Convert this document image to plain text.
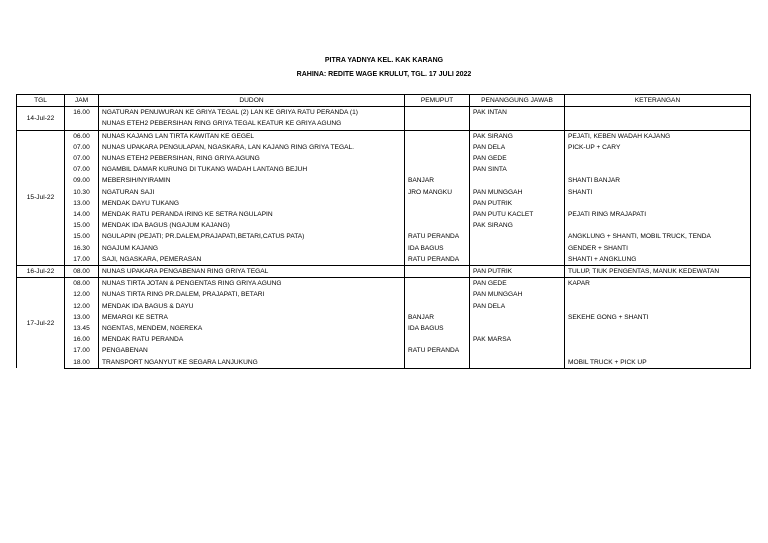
PITRA YADNYA KEL. KAK KARANG
RAHINA: REDITE WAGE KRULUT, TGL. 17 JULI 2022
TGL	JAM	DUDON	PEMUPUT	PENANGGUNG JAWAB	KETERANGAN
14-Jul-22	16.00	NGATURAN PENUWURAN KE GRIYA TEGAL (2) LAN KE GRIYA RATU PERANDA (1)		PAK INTAN	
		NUNAS ETEH2 PEBERSIHAN RING GRIYA TEGAL KEATUR KE GRIYA AGUNG			
15-Jul-22	06.00	NUNAS KAJANG LAN TIRTA KAWITAN KE GEGEL		PAK SIRANG	PEJATI, KEBEN WADAH KAJANG
	07.00	NUNAS UPAKARA PENGULAPAN, NGASKARA, LAN KAJANG RING GRIYA TEGAL.		PAN DELA	PICK-UP + CARY
	07.00	NUNAS ETEH2 PEBERSIHAN, RING GRIYA AGUNG		PAN GEDE	
	07.00	NGAMBIL DAMAR KURUNG DI TUKANG WADAH LANTANG BEJUH		PAN SINTA	
	09.00	MEBERSIH/NYIRAMIN	BANJAR		SHANTI BANJAR
	10.30	NGATURAN SAJI	JRO MANGKU	PAN MUNGGAH	SHANTI
	13.00	MENDAK DAYU TUKANG		PAN PUTRIK	
	14.00	MENDAK RATU PERANDA IRING KE SETRA NGULAPIN		PAN PUTU KACLET	PEJATI RING MRAJAPATI
	15.00	MENDAK IDA BAGUS (NGAJUM KAJANG)		PAK SIRANG	
	15.00	NGULAPIN (PEJATI; PR.DALEM,PRAJAPATI,BETARI,CATUS PATA)	RATU PERANDA		ANGKLUNG + SHANTI, MOBIL TRUCK, TENDA
	16.30	NGAJUM KAJANG	IDA BAGUS		GENDER + SHANTI
	17.00	SAJI, NGASKARA, PEMERASAN	RATU PERANDA		SHANTI + ANGKLUNG
16-Jul-22	08.00	NUNAS UPAKARA PENGABENAN RING GRIYA TEGAL		PAN PUTRIK	TULUP, TIUK PENGENTAS, MANUK KEDEWATAN
17-Jul-22	08.00	NUNAS TIRTA JOTAN & PENGENTAS RING GRIYA AGUNG		PAN GEDE	KAPAR
	12.00	NUNAS TIRTA RING PR.DALEM, PRAJAPATI, BETARI		PAN MUNGGAH	
	12.00	MENDAK IDA BAGUS & DAYU		PAN DELA	
	13.00	MEMARGI KE SETRA	BANJAR		SEKEHE GONG + SHANTI
	13.45	NGENTAS, MENDEM, NGEREKA	IDA BAGUS		
	16.00	MENDAK RATU PERANDA		PAK MARSA	
	17.00	PENGABENAN	RATU PERANDA		
	18.00	TRANSPORT NGANYUT KE SEGARA LANJUKUNG			MOBIL TRUCK + PICK UP
